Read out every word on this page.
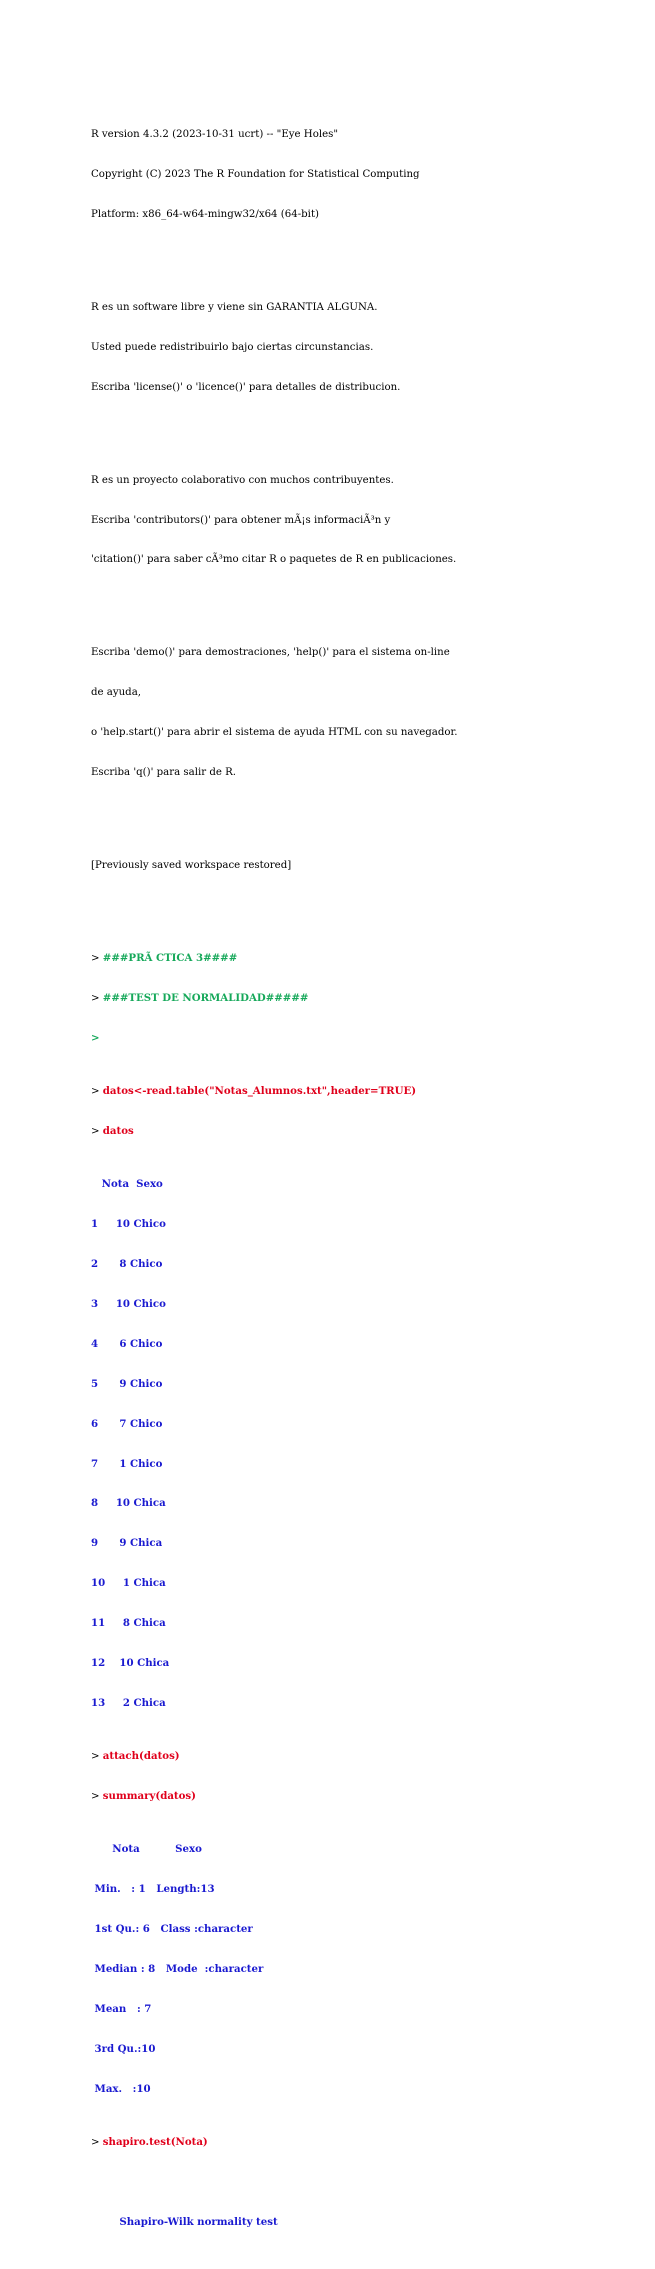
R version 4.3.2 (2023-10-31 ucrt) -- "Eye Holes"

Copyright (C) 2023 The R Foundation for Statistical Computing

Platform: x86_64-w64-mingw32/x64 (64-bit)

R es un software libre y viene sin GARANTIA ALGUNA.

Usted puede redistribuirlo bajo ciertas circunstancias.

Escriba 'license()' o 'licence()' para detalles de distribucion.

R es un proyecto colaborativo con muchos contribuyentes.

Escriba 'contributors()' para obtener mÃ¡s informaciÃ³n y

'citation()' para saber cÃ³mo citar R o paquetes de R en publicaciones.

Escriba 'demo()' para demostraciones, 'help()' para el sistema on-line

de ayuda,

o 'help.start()' para abrir el sistema de ayuda HTML con su navegador.

Escriba 'q()' para salir de R.

[Previously saved workspace restored]

> ###PRÃ CTICA 3####

> ###TEST DE NORMALIDAD#####

>

> datos<-read.table("Notas_Alumnos.txt",header=TRUE)

> datos

Nota  Sexo

1     10 Chico

2      8 Chico

3     10 Chico

4      6 Chico

5      9 Chico

6      7 Chico

7      1 Chico

8     10 Chica

9      9 Chica

10     1 Chica

11     8 Chica

12    10 Chica

13     2 Chica

> attach(datos)

> summary(datos)

Nota          Sexo

Min.   : 1   Length:13

1st Qu.: 6   Class :character

Median : 8   Mode  :character

Mean   : 7

3rd Qu.:10

Max.   :10

> shapiro.test(Nota)

Shapiro-Wilk normality test
